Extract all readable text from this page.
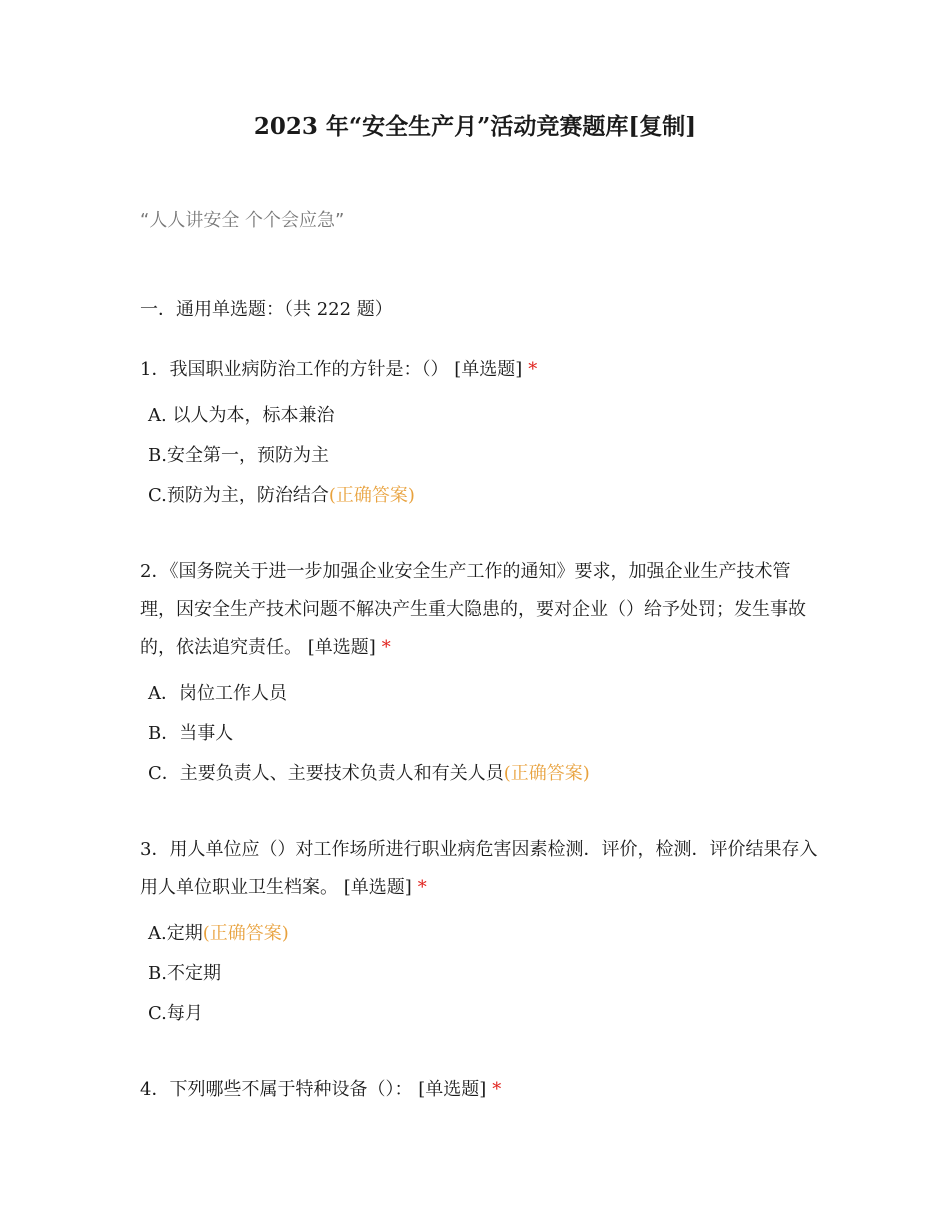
2023 年“安全生产月”活动竞赛题库[复制]
“人人讲安全 个个会应急”
一．通用单选题：（共 222 题）
1．我国职业病防治工作的方针是：（） [单选题] *
A. 以人为本，标本兼治
B.安全第一，预防为主
C.预防为主，防治结合(正确答案)
2．《国务院关于进一步加强企业安全生产工作的通知》要求，加强企业生产技术管理，因安全生产技术问题不解决产生重大隐患的，要对企业（）给予处罚；发生事故的，依法追究责任。 [单选题] *
A．岗位工作人员
B．当事人
C．主要负责人、主要技术负责人和有关人员(正确答案)
3．用人单位应（）对工作场所进行职业病危害因素检测．评价，检测．评价结果存入用人单位职业卫生档案。 [单选题] *
A.定期(正确答案)
B.不定期
C.每月
4．下列哪些不属于特种设备（）： [单选题] *
